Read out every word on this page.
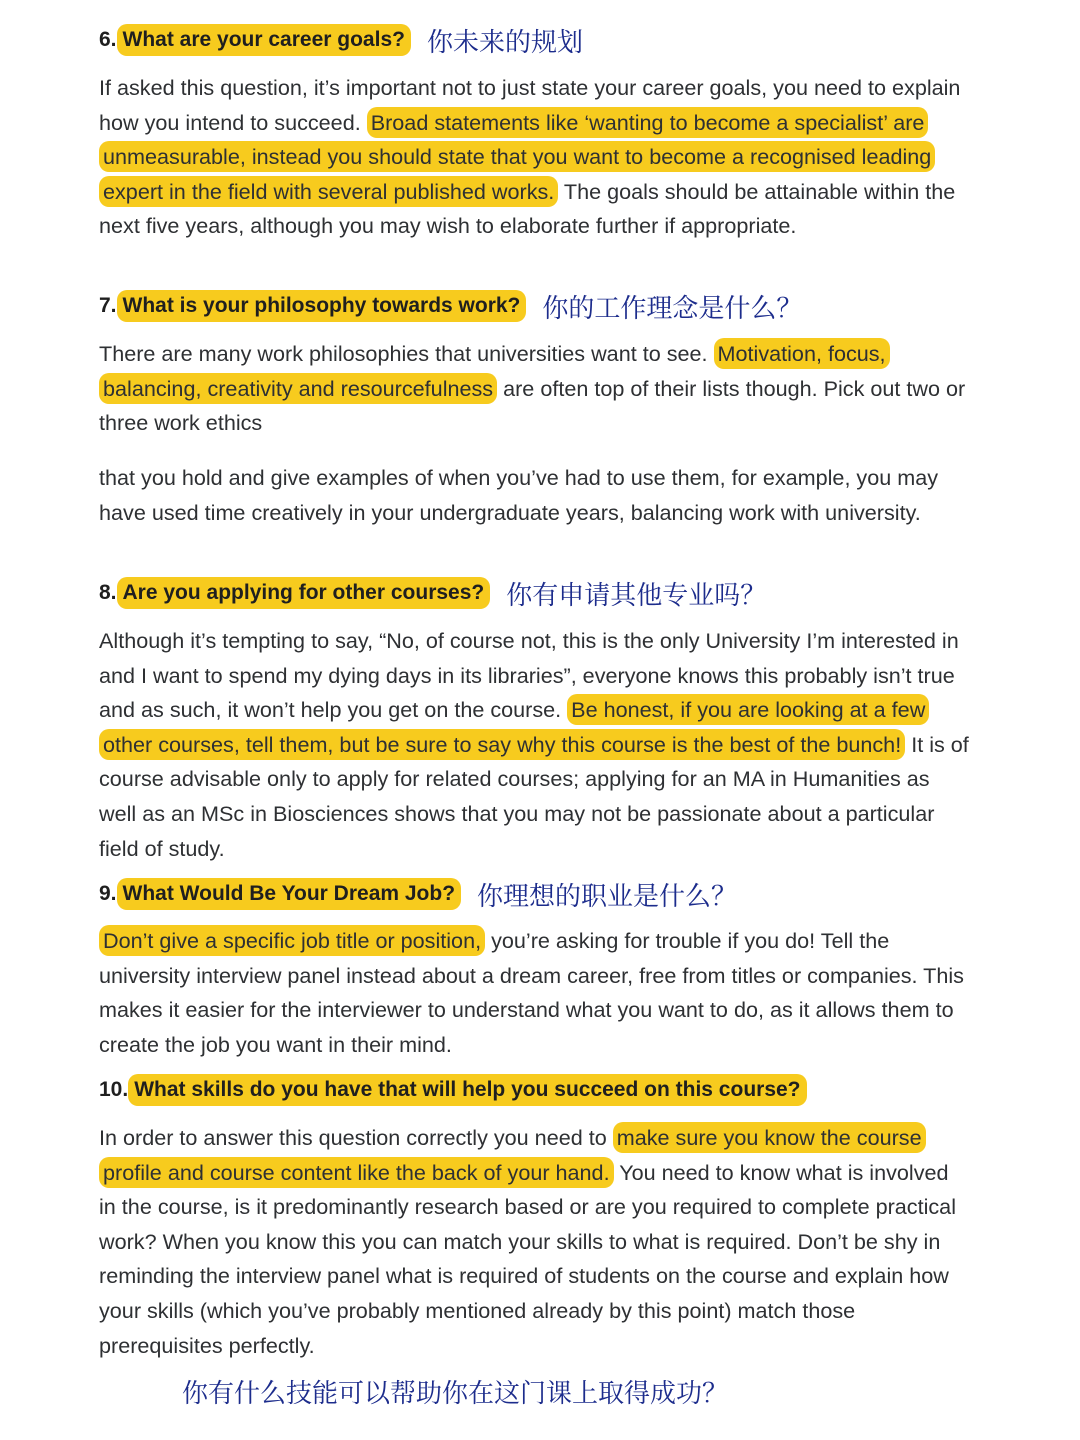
6. What are your career goals? 你未来的规划

If asked this question, it’s important not to just state your career goals, you need to explain how you intend to succeed. Broad statements like ‘wanting to become a specialist’ are unmeasurable, instead you should state that you want to become a recognised leading expert in the field with several published works. The goals should be attainable within the next five years, although you may wish to elaborate further if appropriate.

7. What is your philosophy towards work? 你的工作理念是什么？

There are many work philosophies that universities want to see. Motivation, focus, balancing, creativity and resourcefulness are often top of their lists though. Pick out two or three work ethics

that you hold and give examples of when you’ve had to use them, for example, you may have used time creatively in your undergraduate years, balancing work with university.

8. Are you applying for other courses? 你有申请其他专业吗？

Although it’s tempting to say, “No, of course not, this is the only University I’m interested in and I want to spend my dying days in its libraries”, everyone knows this probably isn’t true and as such, it won’t help you get on the course. Be honest, if you are looking at a few other courses, tell them, but be sure to say why this course is the best of the bunch! It is of course advisable only to apply for related courses; applying for an MA in Humanities as well as an MSc in Biosciences shows that you may not be passionate about a particular field of study.

9. What Would Be Your Dream Job? 你理想的职业是什么？

Don’t give a specific job title or position, you’re asking for trouble if you do! Tell the university interview panel instead about a dream career, free from titles or companies. This makes it easier for the interviewer to understand what you want to do, as it allows them to create the job you want in their mind.

10. What skills do you have that will help you succeed on this course?

In order to answer this question correctly you need to make sure you know the course profile and course content like the back of your hand. You need to know what is involved in the course, is it predominantly research based or are you required to complete practical work? When you know this you can match your skills to what is required. Don’t be shy in reminding the interview panel what is required of students on the course and explain how your skills (which you’ve probably mentioned already by this point) match those prerequisites perfectly.

你有什么技能可以帮助你在这门课上取得成功？
